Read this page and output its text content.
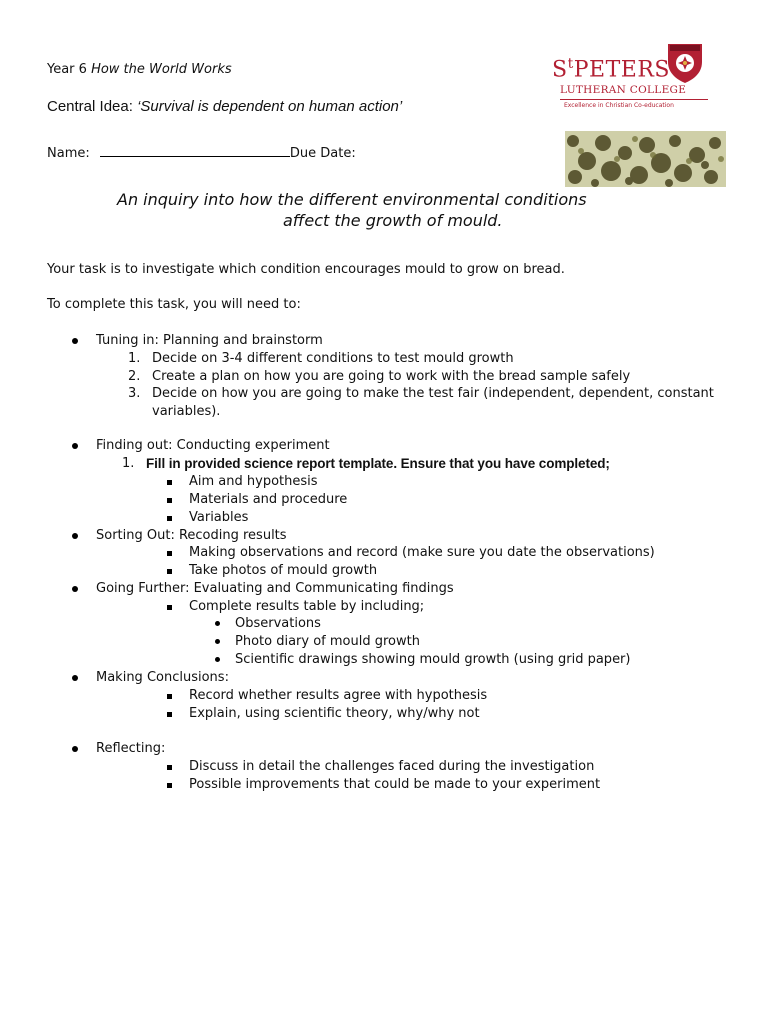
Year 6 How the World Works
Central Idea: ‘Survival is dependent on human action’
Name:	Due Date:
$S^tPETERS$
LUTHERAN COLLEGE
Excellence in Christian Co-education
An inquiry into how the different environmental conditions
affect the growth of mould.
Your task is to investigate which condition encourages mould to grow on bread.
To complete this task, you will need to:
Tuning in: Planning and brainstorm
1. Decide on 3-4 different conditions to test mould growth
2. Create a plan on how you are going to work with the bread sample safely
3. Decide on how you are going to make the test fair (independent, dependent, constant
variables).
Finding out: Conducting experiment
1. Fill in provided science report template. Ensure that you have completed;
Aim and hypothesis
Materials and procedure
Variables
Sorting Out: Recoding results
Making observations and record (make sure you date the observations)
Take photos of mould growth
Going Further: Evaluating and Communicating findings
Complete results table by including;
Observations
Photo diary of mould growth
Scientific drawings showing mould growth (using grid paper)
Making Conclusions:
Record whether results agree with hypothesis
Explain, using scientific theory, why/why not
Reflecting:
Discuss in detail the challenges faced during the investigation
Possible improvements that could be made to your experiment
